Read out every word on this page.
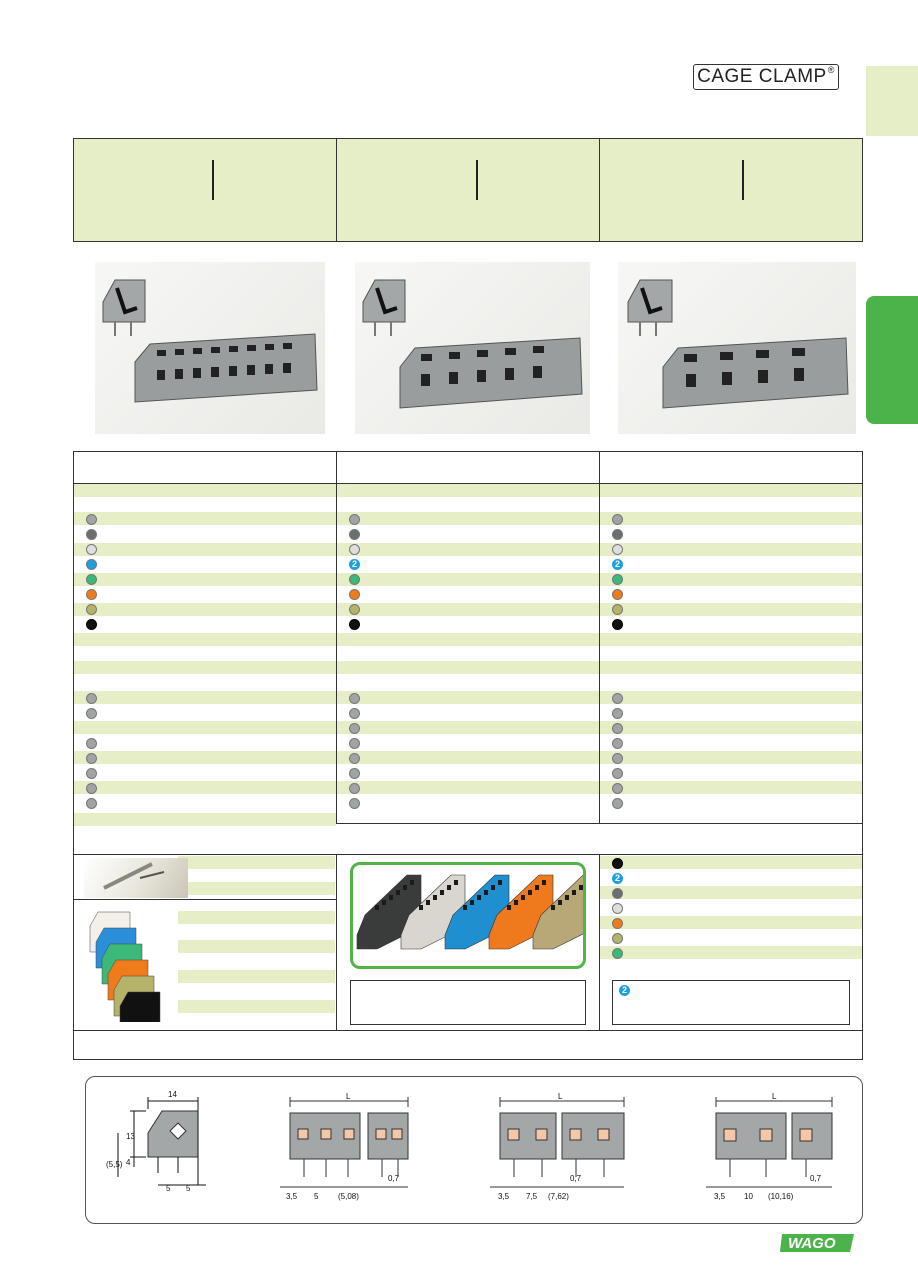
CAGE CLAMP ®
2	2
2
2
14
13
4
(5,5)
5 5
L
3,5 5 (5,08)
0,7
L
3,5 7,5 (7,62)
0,7
L
3,5 10 (10,16)
0,7
WAGO
